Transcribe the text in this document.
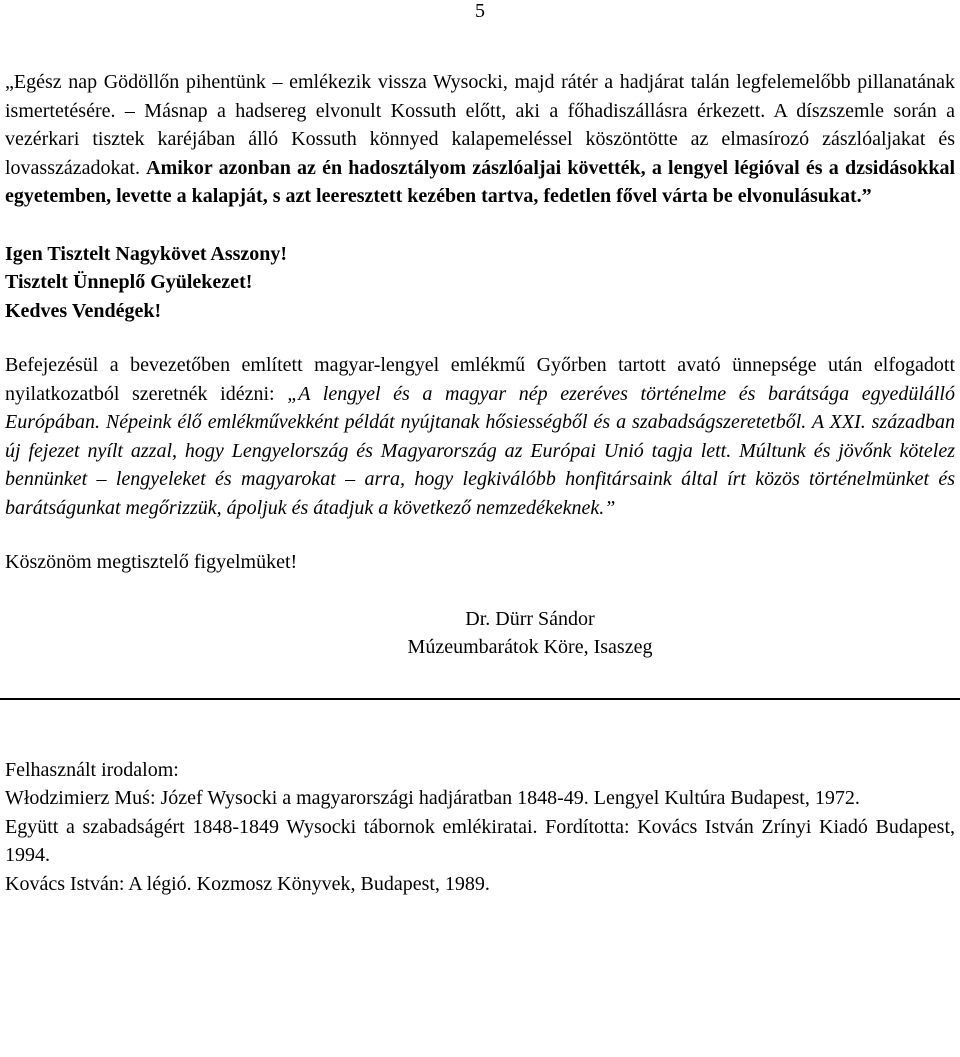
5

„Egész nap Gödöllőn pihentünk – emlékezik vissza Wysocki, majd rátér a hadjárat talán legfelemelőbb pillanatának ismertetésére. – Másnap a hadsereg elvonult Kossuth előtt, aki a főhadiszállásra érkezett. A díszszemle során a vezérkari tisztek karéjában álló Kossuth könnyed kalapemeléssel köszöntötte az elmasírozó zászlóaljakat és lovasszázadokat. Amikor azonban az én hadosztályom zászlóaljai követték, a lengyel légióval és a dzsidásokkal egyetemben, levette a kalapját, s azt leeresztett kezében tartva, fedetlen fővel várta be elvonulásukat.”

Igen Tisztelt Nagykövet Asszony!

Tisztelt Ünneplő Gyülekezet!

Kedves Vendégek!

Befejezésül a bevezetőben említett magyar-lengyel emlékmű Győrben tartott avató ünnepsége után elfogadott nyilatkozatból szeretnék idézni: „A lengyel és a magyar nép ezeréves történelme és barátsága egyedülálló Európában. Népeink élő emlékművekként példát nyújtanak hősiességből és a szabadságszeretetből. A XXI. században új fejezet nyílt azzal, hogy Lengyelország és Magyarország az Európai Unió tagja lett. Múltunk és jövőnk kötelez bennünket – lengyeleket és magyarokat – arra, hogy legkiválóbb honfitársaink által írt közös történelmünket és barátságunkat megőrizzük, ápoljuk és átadjuk a következő nemzedékeknek.”

Köszönöm megtisztelő figyelmüket!

Dr. Dürr Sándor

Múzeumbarátok Köre, Isaszeg

Felhasznált irodalom:

Włodzimierz Muś: Józef Wysocki a magyarországi hadjáratban 1848-49. Lengyel Kultúra Budapest, 1972.

Együtt a szabadságért 1848-1849 Wysocki tábornok emlékiratai. Fordította: Kovács István Zrínyi Kiadó Budapest, 1994.

Kovács István: A légió. Kozmosz Könyvek, Budapest, 1989.
